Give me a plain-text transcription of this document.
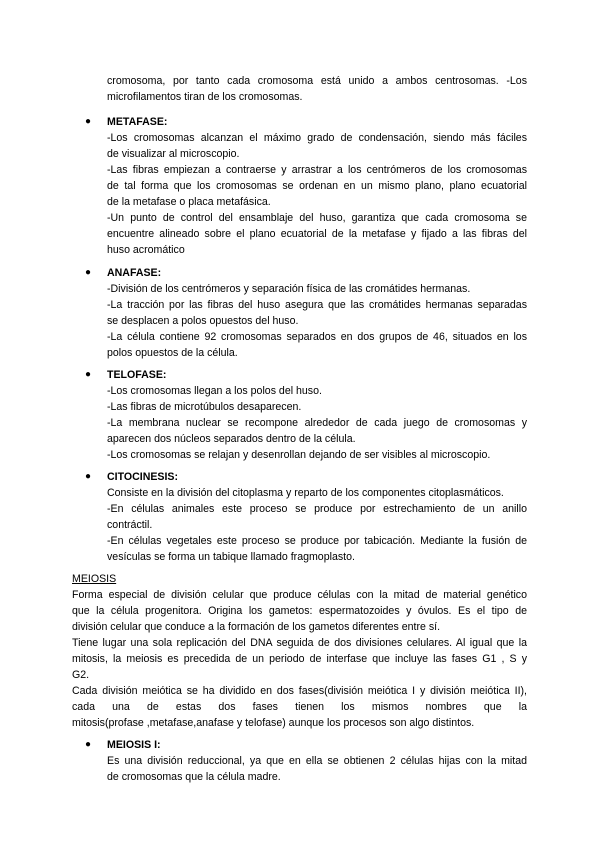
cromosoma, por tanto cada cromosoma está unido a ambos centrosomas. -Los

microfilamentos tiran de los cromosomas.

● METAFASE:

-Los cromosomas alcanzan el máximo grado de condensación, siendo más fáciles

de visualizar al microscopio.

-Las fibras empiezan a contraerse y arrastrar a los centrómeros de los cromosomas

de tal forma que los cromosomas se ordenan en un mismo plano, plano ecuatorial

de la metafase o placa metafásica.

-Un punto de control del ensamblaje del huso, garantiza que cada cromosoma se

encuentre alineado sobre el plano ecuatorial de la metafase y fijado a las fibras del

huso acromático

● ANAFASE:

-División de los centrómeros y separación física de las cromátides hermanas.

-La tracción por las fibras del huso asegura que las cromátides hermanas separadas

se desplacen a polos opuestos del huso.

-La célula contiene 92 cromosomas separados en dos grupos de 46, situados en los

polos opuestos de la célula.

● TELOFASE:

-Los cromosomas llegan a los polos del huso.

-Las fibras de microtúbulos desaparecen.

-La membrana nuclear se recompone alrededor de cada juego de cromosomas y

aparecen dos núcleos separados dentro de la célula.

-Los cromosomas se relajan y desenrollan dejando de ser visibles al microscopio.

● CITOCINESIS:

Consiste en la división del citoplasma y reparto de los componentes citoplasmáticos.

-En células animales este proceso se produce por estrechamiento de un anillo

contráctil.

-En células vegetales este proceso se produce por tabicación. Mediante la fusión de

vesículas se forma un tabique llamado fragmoplasto.

MEIOSIS

Forma especial de división celular que produce células con la mitad de material genético

que la célula progenitora. Origina los gametos: espermatozoides y óvulos. Es el tipo de

división celular que conduce a la formación de los gametos diferentes entre sí.

Tiene lugar una sola replicación del DNA seguida de dos divisiones celulares. Al igual que la

mitosis, la meiosis es precedida de un periodo de interfase que incluye las fases G1 , S y

G2.

Cada división meiótica se ha dividido en dos fases(división meiótica I y división meiótica II),

cada una de estas dos fases tienen los mismos nombres que la

mitosis(profase ,metafase,anafase y telofase) aunque los procesos son algo distintos.

● MEIOSIS I:

Es una división reduccional, ya que en ella se obtienen 2 células hijas con la mitad

de cromosomas que la célula madre.
